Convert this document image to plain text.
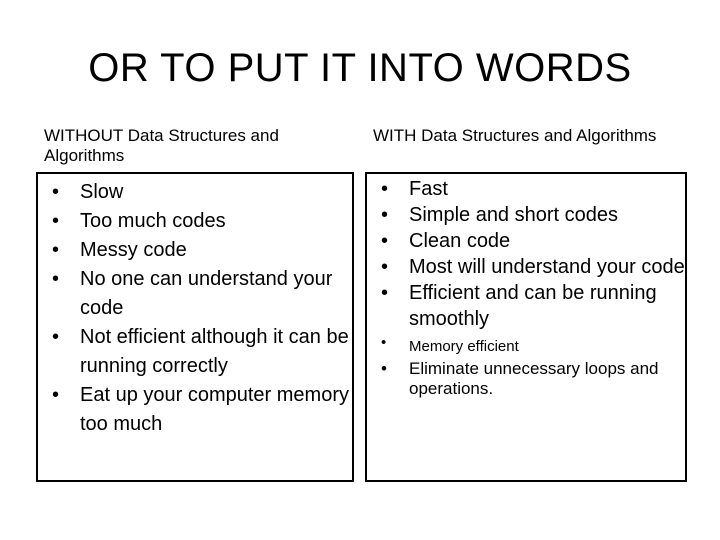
OR TO PUT IT INTO WORDS
WITHOUT Data Structures and Algorithms
WITH Data Structures and Algorithms
• Slow
• Too much codes
• Messy code
• No one can understand your code
• Not efficient although it can be running correctly
• Eat up your computer memory too much
• Fast
• Simple and short codes
• Clean code
• Most will understand your code
• Efficient and can be running smoothly
• Memory efficient
• Eliminate unnecessary loops and operations.
